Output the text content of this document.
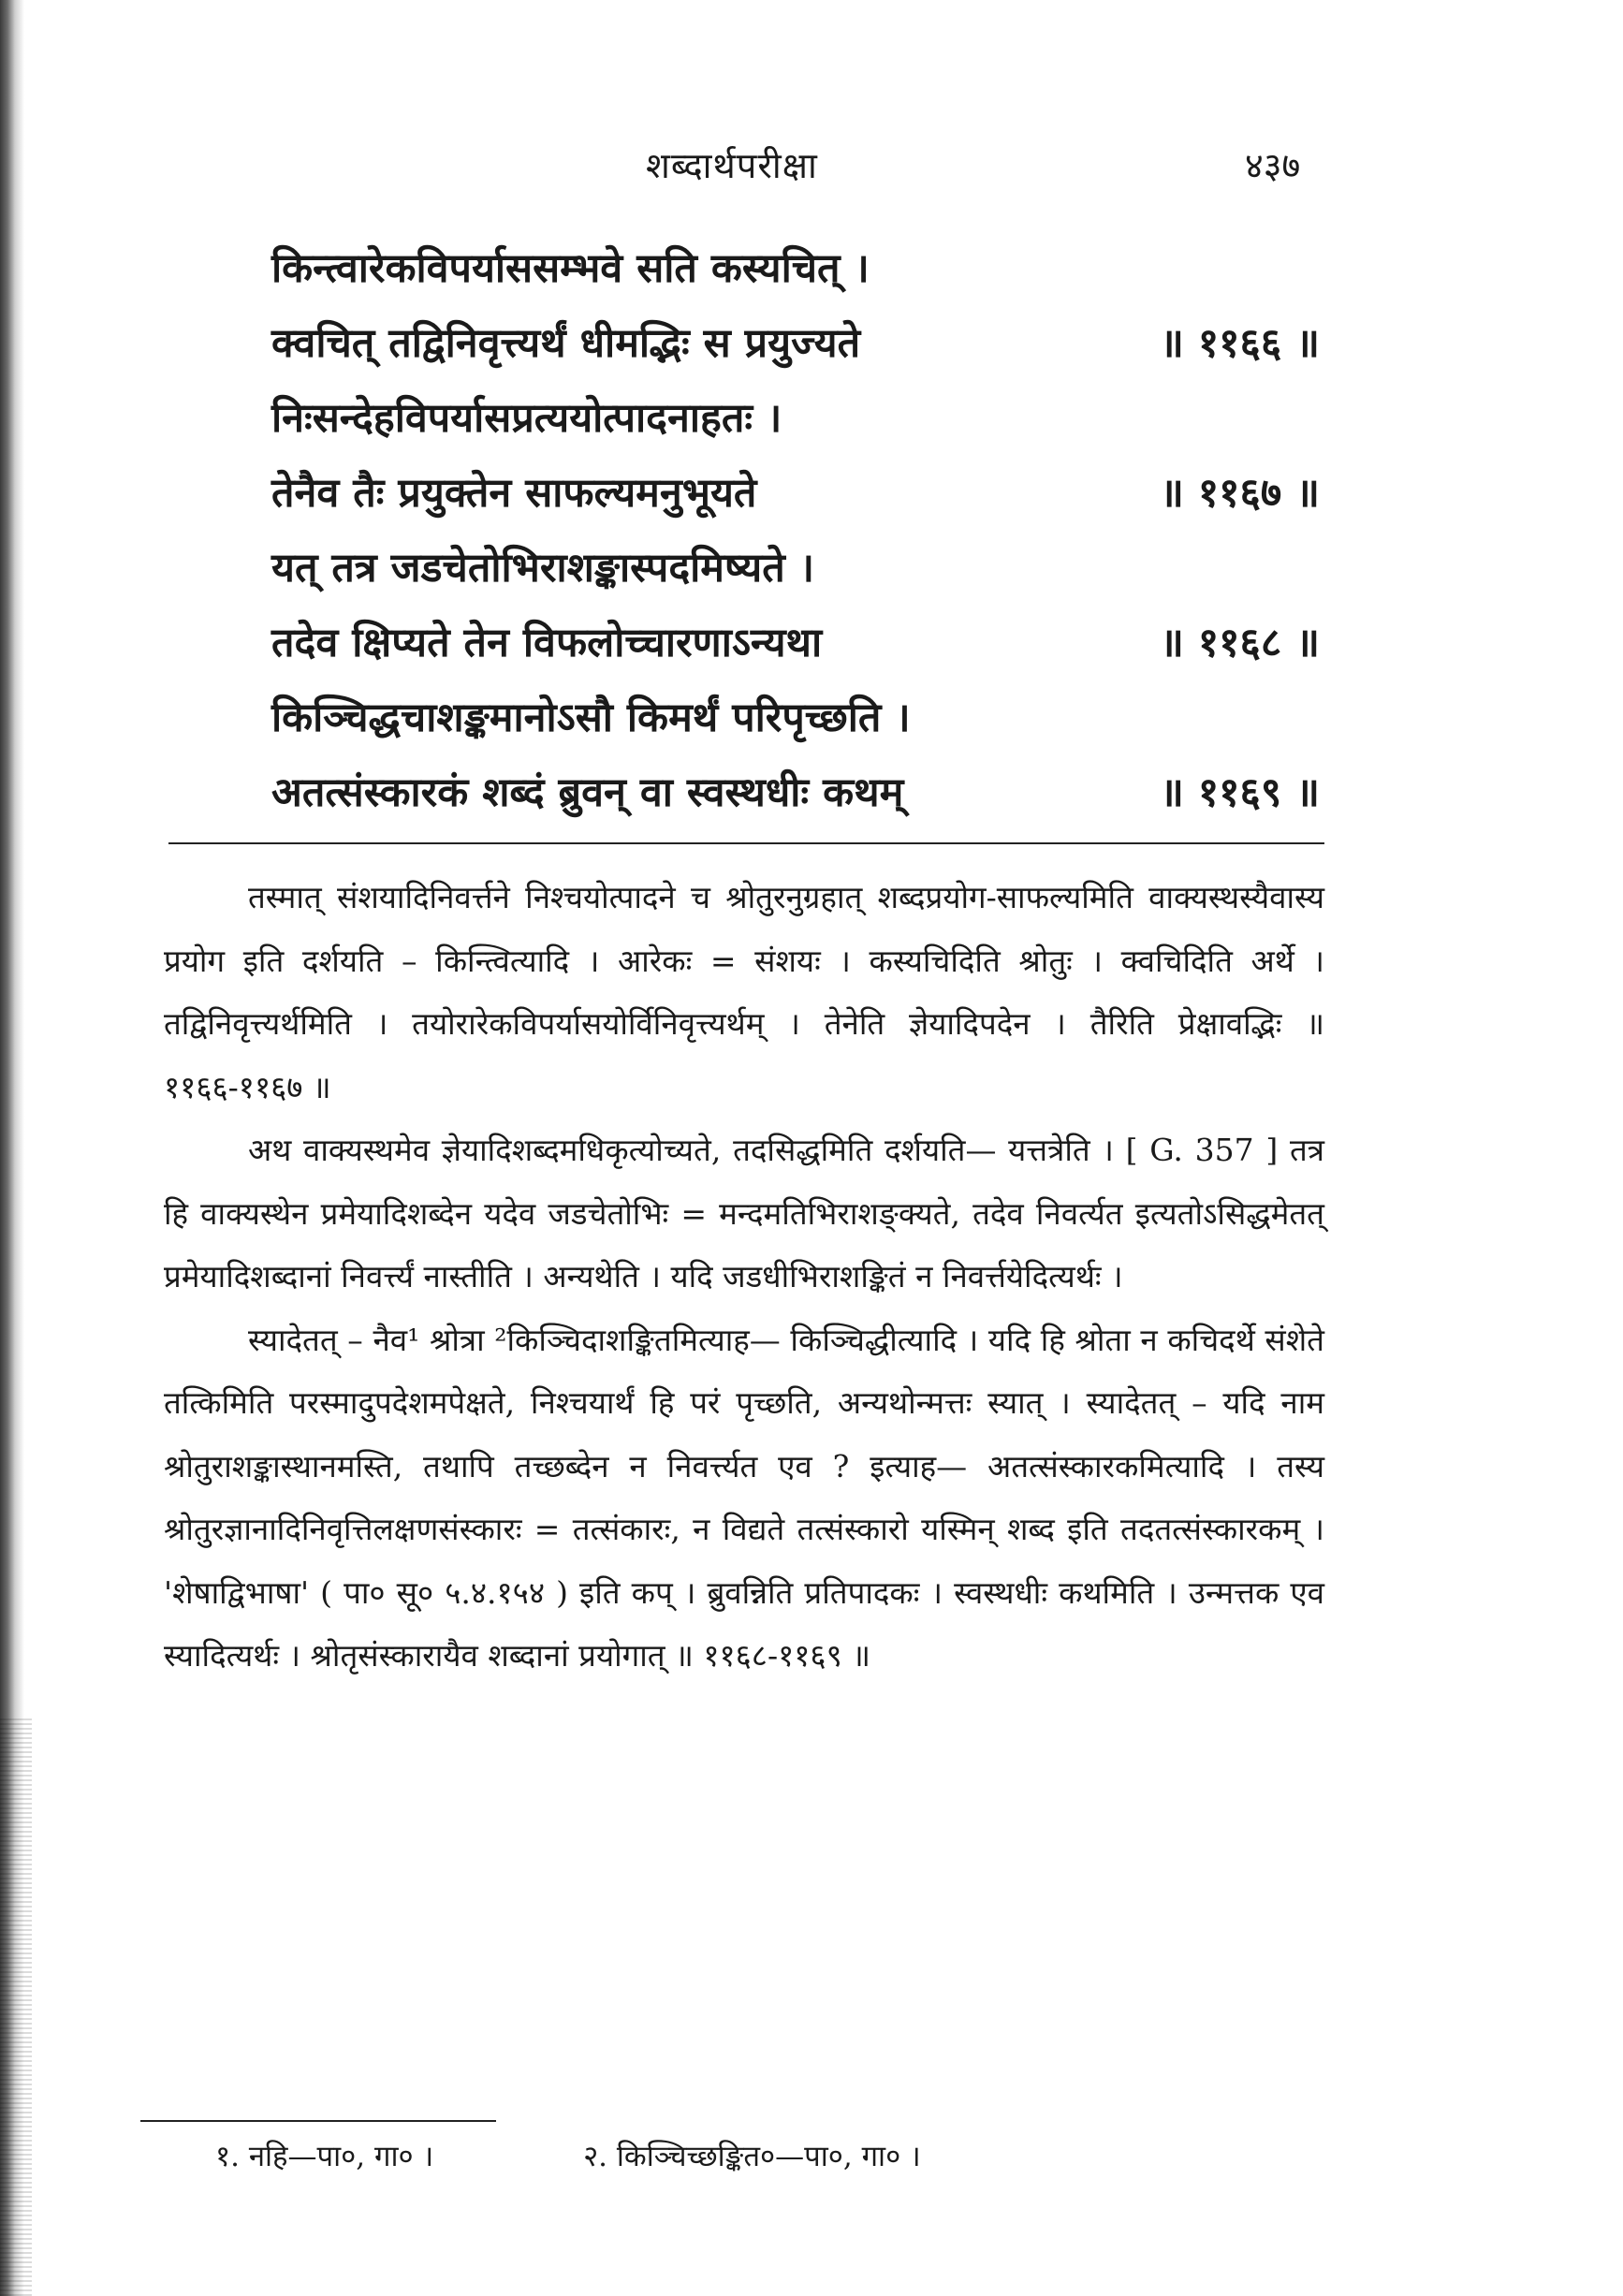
शब्दार्थपरीक्षा	४३७
किन्त्वारेकविपर्याससम्भवे सति कस्यचित् ।
क्वचित् तद्विनिवृत्त्यर्थं धीमद्भिः स प्रयुज्यते	॥ ११६६ ॥
निःसन्देहविपर्यासप्रत्ययोत्पादनाहतः ।
तेनैव तैः प्रयुक्तेन साफल्यमनुभूयते	॥ ११६७ ॥
यत् तत्र जडचेतोभिराशङ्कास्पदमिष्यते ।
तदेव क्षिप्यते तेन विफलोच्चारणाऽन्यथा	॥ ११६८ ॥
किञ्चिद्धचाशङ्कमानोऽसौ किमर्थं परिपृच्छति ।
अतत्संस्कारकं शब्दं ब्रुवन् वा स्वस्थधीः कथम्	॥ ११६९ ॥

तस्मात् संशयादिनिवर्त्तने निश्चयोत्पादने च श्रोतुरनुग्रहात् शब्दप्रयोग-साफल्यमिति वाक्यस्थस्यैवास्य प्रयोग इति दर्शयति – किन्त्वित्यादि । आरेकः = संशयः । कस्यचिदिति श्रोतुः । क्वचिदिति अर्थे । तद्विनिवृत्त्यर्थमिति । तयोरारेकविपर्यासयोर्विनिवृत्त्यर्थम् । तेनेति ज्ञेयादिपदेन । तैरिति प्रेक्षावद्भिः ॥ ११६६-११६७ ॥

अथ वाक्यस्थमेव ज्ञेयादिशब्दमधिकृत्योच्यते, तदसिद्धमिति दर्शयति— यत्तत्रेति । [ G. 357 ] तत्र हि वाक्यस्थेन प्रमेयादिशब्देन यदेव जडचेतोभिः = मन्दमतिभिराशङ्क्यते, तदेव निवर्त्यत इत्यतोऽसिद्धमेतत् प्रमेयादिशब्दानां निवर्त्त्यं नास्तीति । अन्यथेति । यदि जडधीभिराशङ्कितं न निवर्त्तयेदित्यर्थः ।

स्यादेतत् – नैव¹ श्रोत्रा ²किञ्चिदाशङ्कितमित्याह— किञ्चिद्धीत्यादि । यदि हि श्रोता न कचिदर्थे संशेते तत्किमिति परस्मादुपदेशमपेक्षते, निश्चयार्थं हि परं पृच्छति, अन्यथोन्मत्तः स्यात् । स्यादेतत् – यदि नाम श्रोतुराशङ्कास्थानमस्ति, तथापि तच्छब्देन न निवर्त्त्यत एव ? इत्याह— अतत्संस्कारकमित्यादि । तस्य श्रोतुरज्ञानादिनिवृत्तिलक्षणसंस्कारः = तत्संकारः, न विद्यते तत्संस्कारो यस्मिन् शब्द इति तदतत्संस्कारकम् । 'शेषाद्विभाषा' ( पा० सू० ५.४.१५४ ) इति कप् । ब्रुवन्निति प्रतिपादकः । स्वस्थधीः कथमिति । उन्मत्तक एव स्यादित्यर्थः । श्रोतृसंस्कारायैव शब्दानां प्रयोगात् ॥ ११६८-११६९ ॥

१. नहि—पा०, गा० ।	२. किञ्चिच्छङ्कित०—पा०, गा० ।
